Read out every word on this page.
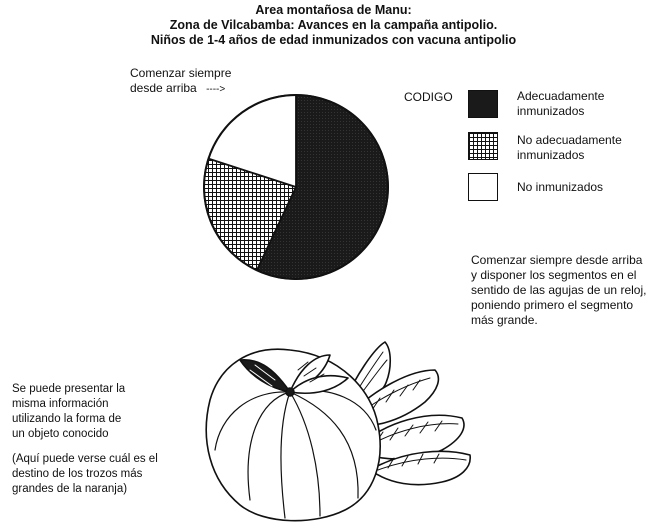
Area montañosa de Manu:
Zona de Vilcabamba: Avances en la campaña antipolio.
Niños de 1-4 años de edad inmunizados con vacuna antipolio
Comenzar siempre
desde arriba ---->
CODIGO	Adecuadamente
inmunizados
No adecuadamente
inmunizados
No inmunizados
Comenzar siempre desde arriba
y disponer los segmentos en el
sentido de las agujas de un reloj,
poniendo primero el segmento
más grande.
Se puede presentar la
misma información
utilizando la forma de
un objeto conocido
(Aquí puede verse cuál es el
destino de los trozos más
grandes de la naranja)
